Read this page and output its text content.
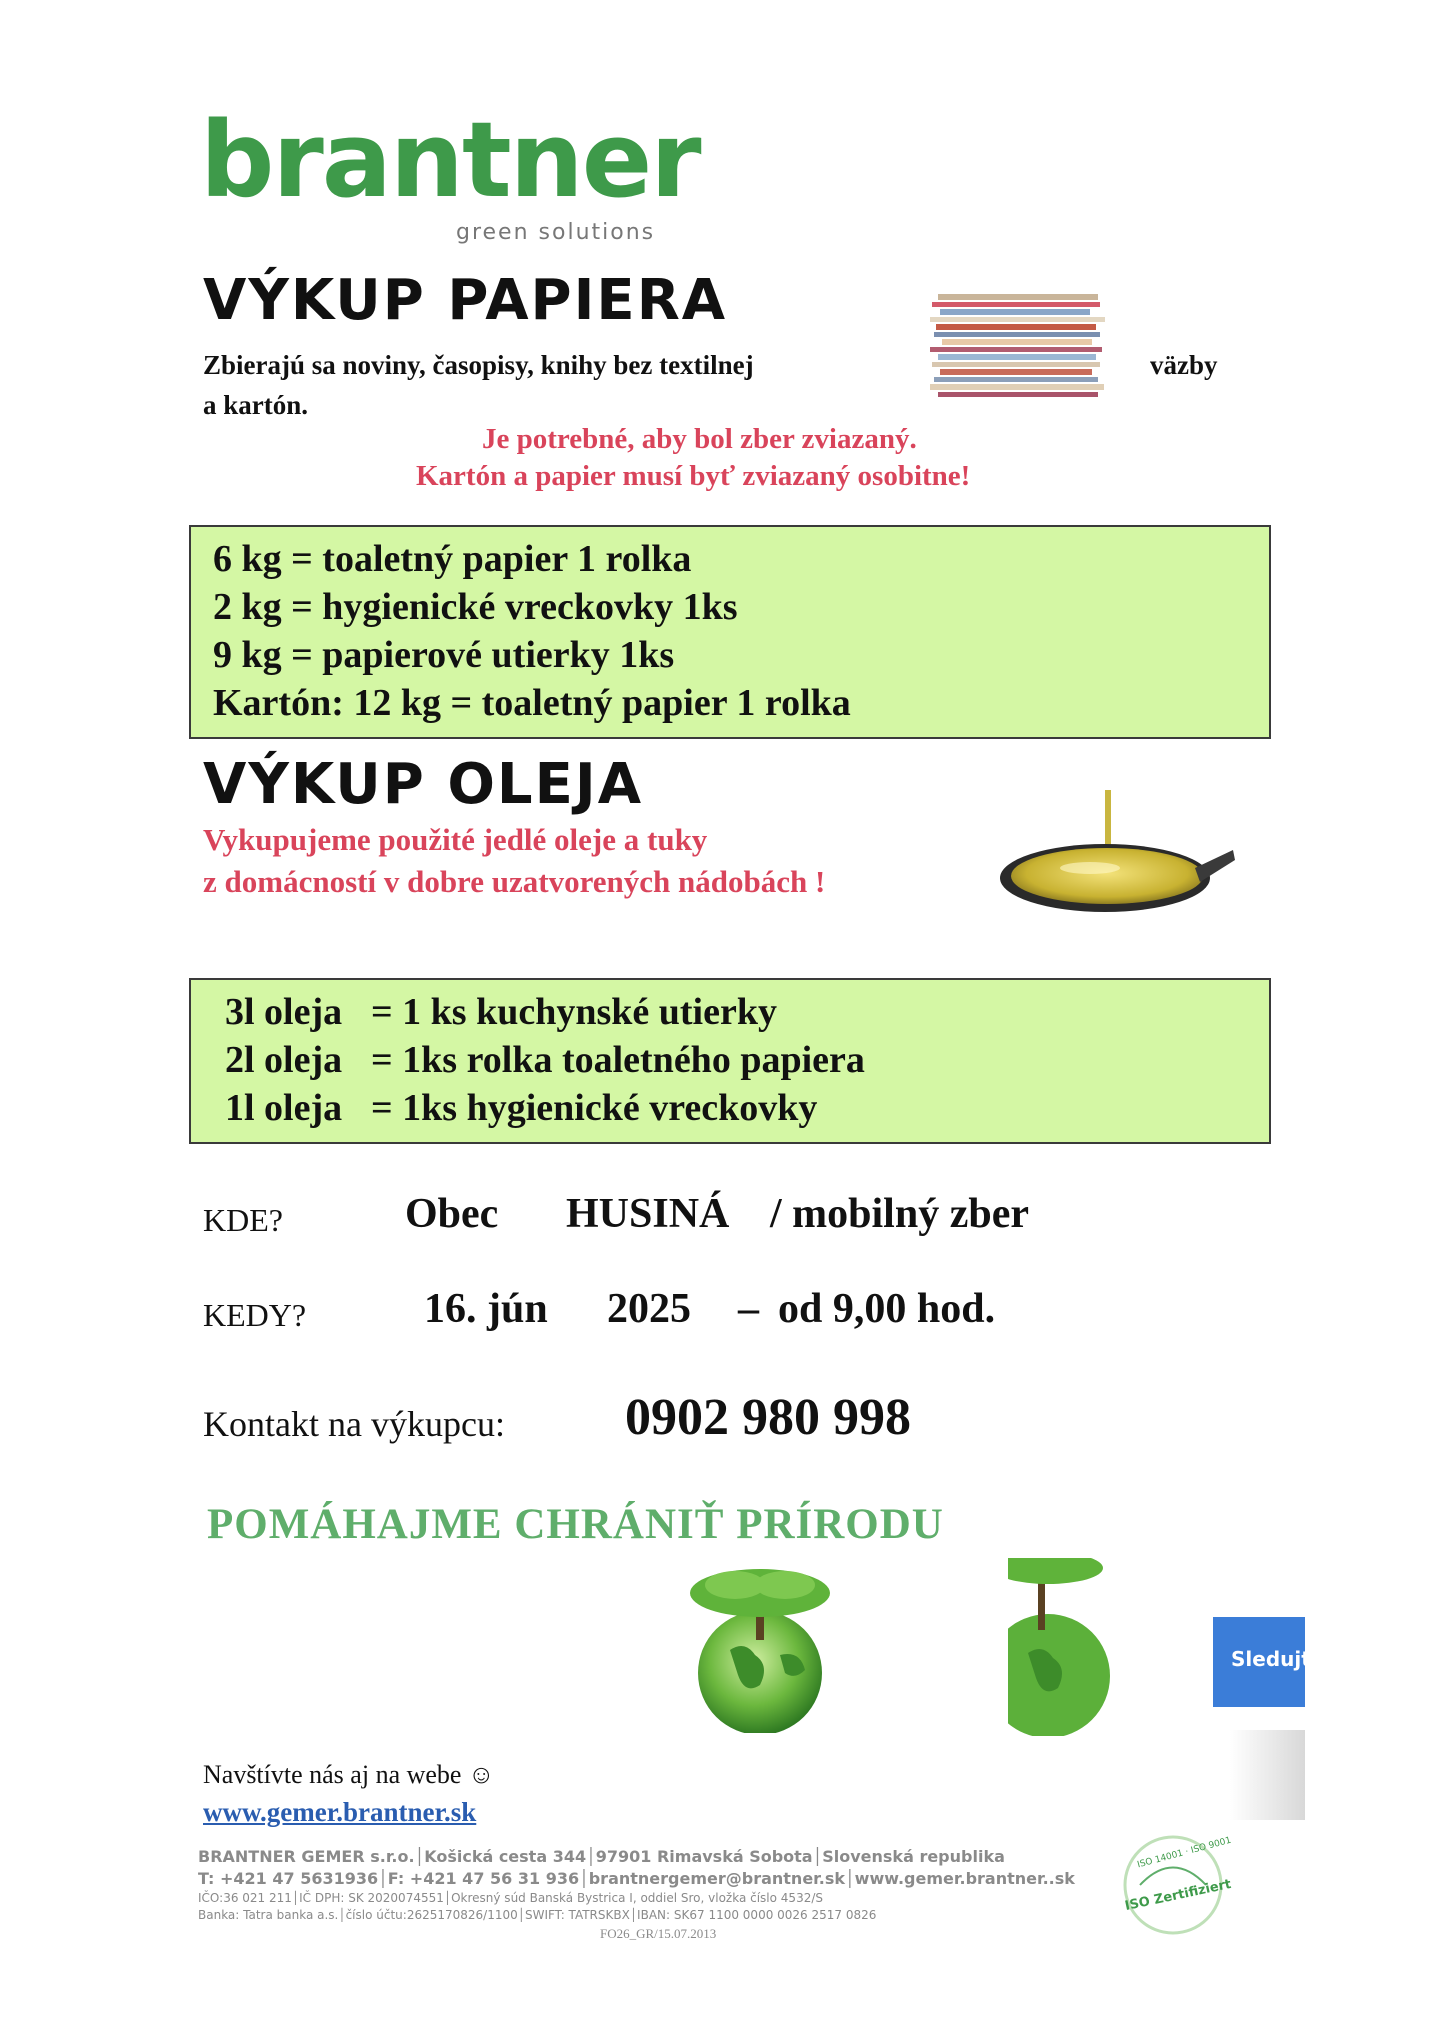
brantner
green solutions
VÝKUP PAPIERA
Zbierajú sa noviny, časopisy, knihy bez textilnej	väzby
a kartón.
Je potrebné, aby bol zber zviazaný.
Kartón a papier musí byť zviazaný osobitne!
6 kg = toaletný papier 1 rolka
2 kg = hygienické vreckovky 1ks
9 kg = papierové utierky 1ks
Kartón: 12 kg = toaletný papier 1 rolka
VÝKUP OLEJA
Vykupujeme použité jedlé oleje a tuky
z domácností v dobre uzatvorených nádobách !
3l oleja = 1 ks kuchynské utierky
2l oleja = 1ks rolka toaletného papiera
1l oleja = 1ks hygienické vreckovky
KDE?	Obec HUSINÁ / mobilný zber
KEDY?	16. jún 2025 – od 9,00 hod.
Kontakt na výkupcu: 0902 980 998
POMÁHAJME CHRÁNIŤ PRÍRODU
Sledujt
Navštívte nás aj na webe ☺
www.gemer.brantner.sk
BRANTNER GEMER s.r.o.│Košická cesta 344│97901 Rimavská Sobota│Slovenská republika
T: +421 47 5631936│F: +421 47 56 31 936│brantnergemer@brantner.sk│www.gemer.brantner..sk
IČO:36 021 211│IČ DPH: SK 2020074551│Okresný súd Banská Bystrica I, oddiel Sro, vložka číslo 4532/S
Banka: Tatra banka a.s.│číslo účtu:2625170826/1100│SWIFT: TATRSKBX│IBAN: SK67 1100 0000 0026 2517 0826
FO26_GR/15.07.2013
ISO 14001 · ISO 9001
ISO Zertifiziert
